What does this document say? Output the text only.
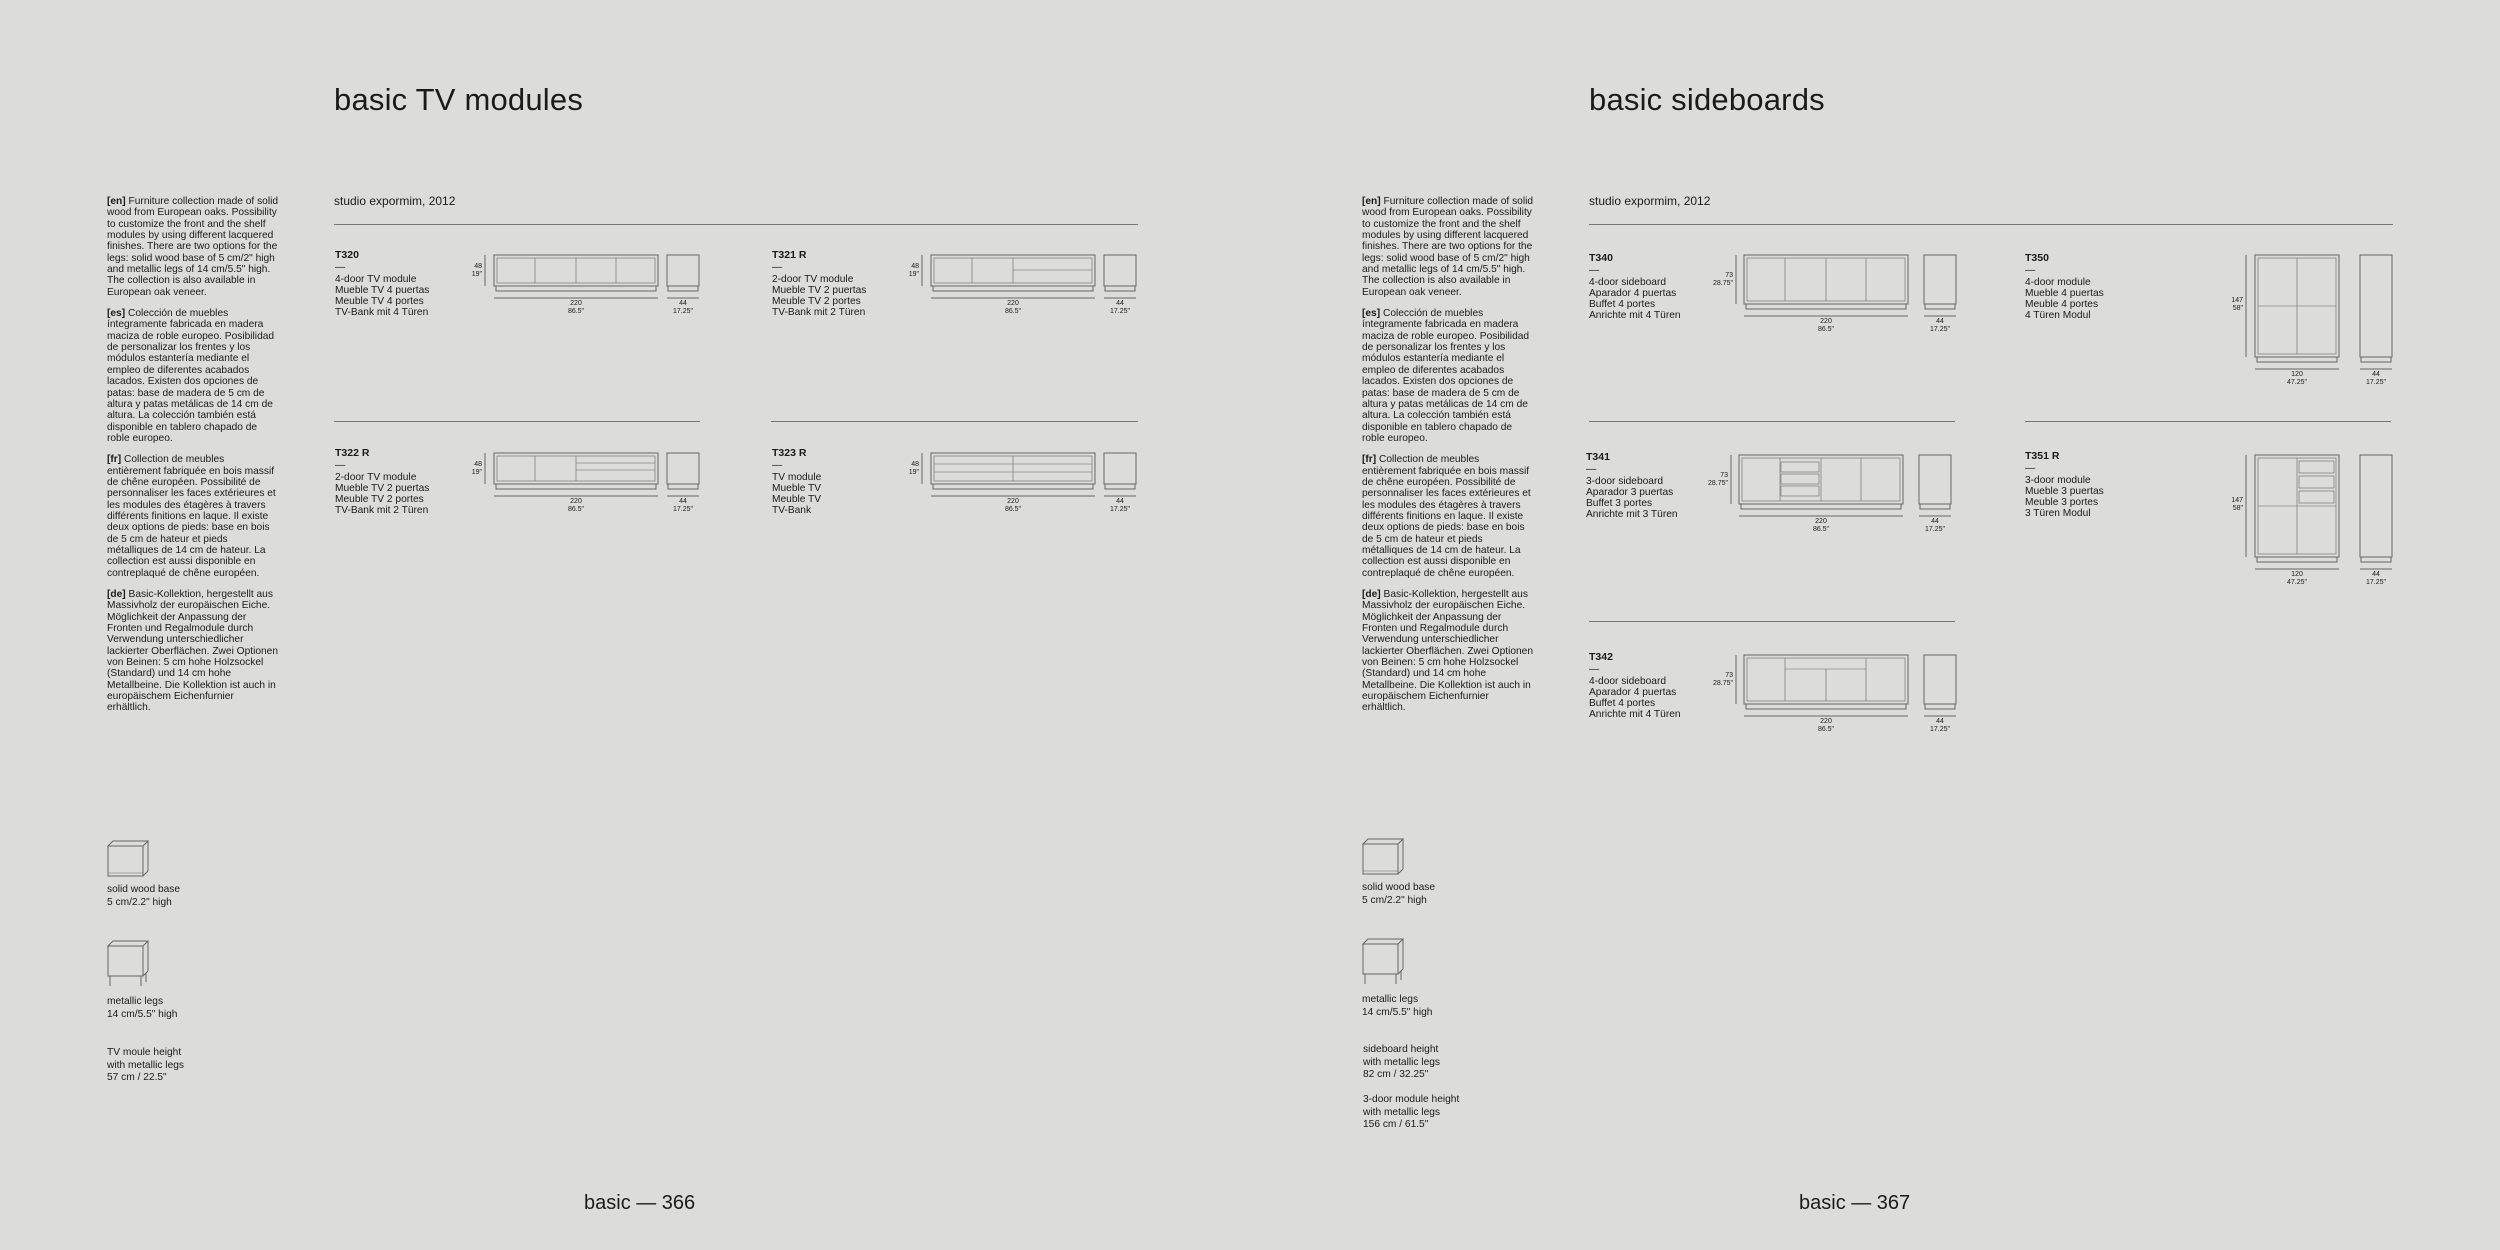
basic TV modules
studio expormim, 2012

[en] Furniture collection made of solid wood from European oaks. Possibility to customize the front and the shelf modules by using different lacquered finishes. There are two options for the legs: solid wood base of 5 cm/2" high and metallic legs of 14 cm/5.5" high. The collection is also available in European oak veneer.

[es] Colección de muebles íntegramente fabricada en madera maciza de roble europeo. Posibilidad de personalizar los frentes y los módulos estantería mediante el empleo de diferentes acabados lacados. Existen dos opciones de patas: base de madera de 5 cm de altura y patas metálicas de 14 cm de altura. La colección también está disponible en tablero chapado de roble europeo.

[fr] Collection de meubles entièrement fabriquée en bois massif de chêne européen. Possibilité de personnaliser les faces extérieures et les modules des étagères à travers différents finitions en laque. Il existe deux options de pieds: base en bois de 5 cm de hateur et pieds métalliques de 14 cm de hateur. La collection est aussi disponible en contreplaqué de chêne européen.

[de] Basic-Kollektion, hergestellt aus Massivholz der europäischen Eiche. Möglichkeit der Anpassung der Fronten und Regalmodule durch Verwendung unterschiedlicher lackierter Oberflächen. Zwei Optionen von Beinen: 5 cm hohe Holzsockel (Standard) und 14 cm hohe Metallbeine. Die Kollektion ist auch in europäischem Eichenfurnier erhältlich.

T320
—
4-door TV module
Mueble TV 4 puertas
Meuble TV 4 portes
TV-Bank mit 4 Türen
48
19"
220
86.5"
44
17.25"
T321 R
—
2-door TV module
Mueble TV 2 puertas
Meuble TV 2 portes
TV-Bank mit 2 Türen
48
19"
220
86.5"
44
17.25"
T322 R
—
2-door TV module
Mueble TV 2 puertas
Meuble TV 2 portes
TV-Bank mit 2 Türen
48
19"
220
86.5"
44
17.25"
T323 R
—
TV module
Mueble TV
Meuble TV
TV-Bank
48
19"
220
86.5"
44
17.25"
solid wood base
5 cm/2.2" high
metallic legs
14 cm/5.5" high
TV moule height
with metallic legs
57 cm / 22.5"
basic — 366
basic sideboards
studio expormim, 2012

[en] Furniture collection made of solid wood from European oaks. Possibility to customize the front and the shelf modules by using different lacquered finishes. There are two options for the legs: solid wood base of 5 cm/2" high and metallic legs of 14 cm/5.5" high. The collection is also available in European oak veneer.

[es] Colección de muebles íntegramente fabricada en madera maciza de roble europeo. Posibilidad de personalizar los frentes y los módulos estantería mediante el empleo de diferentes acabados lacados. Existen dos opciones de patas: base de madera de 5 cm de altura y patas metálicas de 14 cm de altura. La colección también está disponible en tablero chapado de roble europeo.

[fr] Collection de meubles entièrement fabriquée en bois massif de chêne européen. Possibilité de personnaliser les faces extérieures et les modules des étagères à travers différents finitions en laque. Il existe deux options de pieds: base en bois de 5 cm de hateur et pieds métalliques de 14 cm de hateur. La collection est aussi disponible en contreplaqué de chêne européen.

[de] Basic-Kollektion, hergestellt aus Massivholz der europäischen Eiche. Möglichkeit der Anpassung der Fronten und Regalmodule durch Verwendung unterschiedlicher lackierter Oberflächen. Zwei Optionen von Beinen: 5 cm hohe Holzsockel (Standard) und 14 cm hohe Metallbeine. Die Kollektion ist auch in europäischem Eichenfurnier erhältlich.

T340
—
4-door sideboard
Aparador 4 puertas
Buffet 4 portes
Anrichte mit 4 Türen
73
28.75"
220
86.5"
44
17.25"
T350
—
4-door module
Mueble 4 puertas
Meuble 4 portes
4 Türen Modul
147
58"
120
47.25"
44
17.25"
T341
—
3-door sideboard
Aparador 3 puertas
Buffet 3 portes
Anrichte mit 3 Türen
73
28.75"
220
86.5"
44
17.25"
T351 R
—
3-door module
Mueble 3 puertas
Meuble 3 portes
3 Türen Modul
147
58"
120
47.25"
44
17.25"
T342
—
4-door sideboard
Aparador 4 puertas
Buffet 4 portes
Anrichte mit 4 Türen
73
28.75"
220
86.5"
44
17.25"
solid wood base
5 cm/2.2" high
metallic legs
14 cm/5.5" high
sideboard height
with metallic legs
82 cm / 32.25"
3-door module height
with metallic legs
156 cm / 61.5"
basic — 367
